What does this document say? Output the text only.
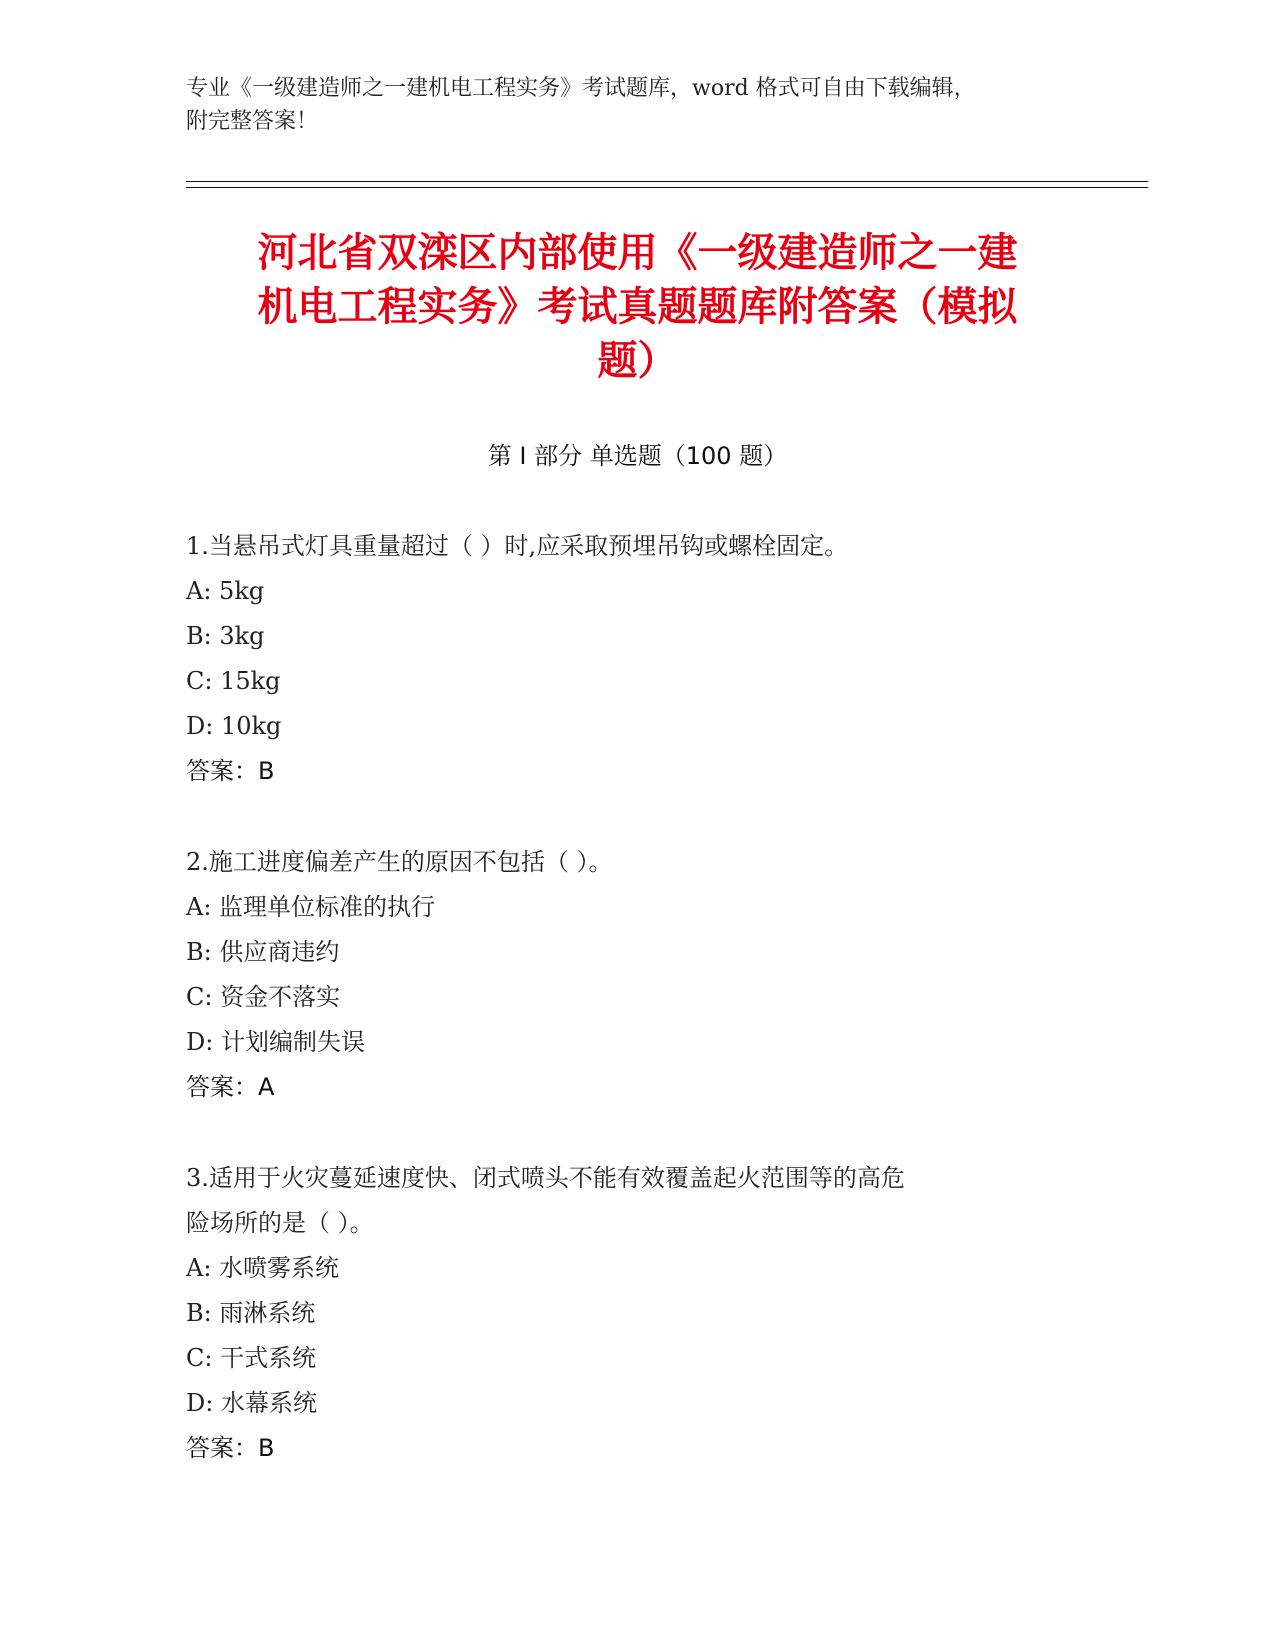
专业《一级建造师之一建机电工程实务》考试题库，word 格式可自由下载编辑，
附完整答案！
河北省双滦区内部使用《一级建造师之一建
机电工程实务》考试真题题库附答案（模拟
题）
第 I 部分 单选题（100 题）
1.当悬吊式灯具重量超过（ ）时,应采取预埋吊钩或螺栓固定。
A: 5kg
B: 3kg
C: 15kg
D: 10kg
答案：B
2.施工进度偏差产生的原因不包括（ ）。
A: 监理单位标准的执行
B: 供应商违约
C: 资金不落实
D: 计划编制失误
答案：A
3.适用于火灾蔓延速度快、闭式喷头不能有效覆盖起火范围等的高危
险场所的是（ ）。
A: 水喷雾系统
B: 雨淋系统
C: 干式系统
D: 水幕系统
答案：B
